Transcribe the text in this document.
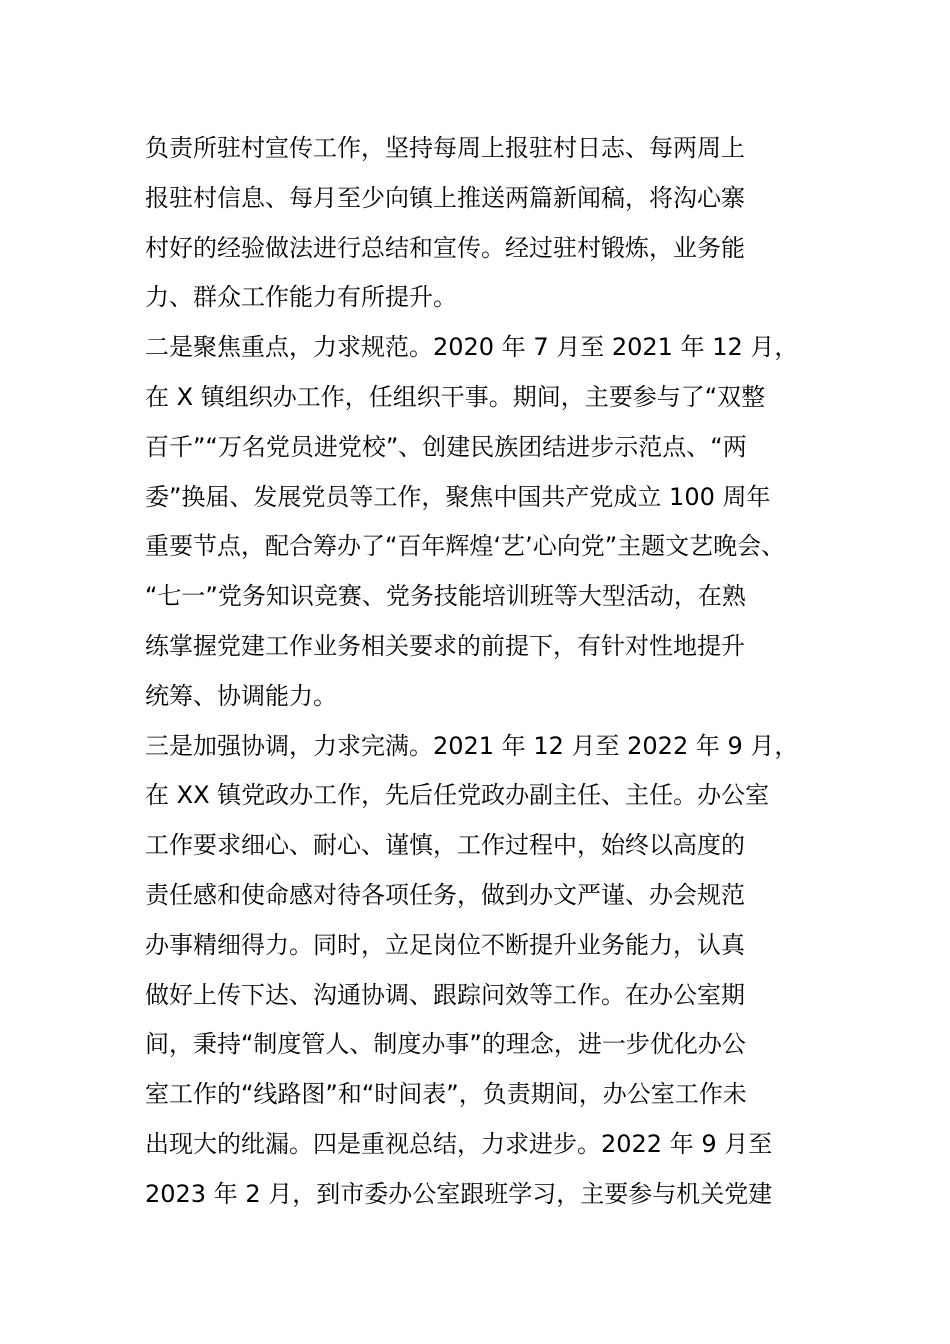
负责所驻村宣传工作，坚持每周上报驻村日志、每两周上
报驻村信息、每月至少向镇上推送两篇新闻稿，将沟心寨
村好的经验做法进行总结和宣传。经过驻村锻炼，业务能
力、群众工作能力有所提升。
二是聚焦重点，力求规范。2020 年 7 月至 2021 年 12 月，
在 X 镇组织办工作，任组织干事。期间，主要参与了“双整
百千”“万名党员进党校”、创建民族团结进步示范点、“两
委”换届、发展党员等工作，聚焦中国共产党成立 100 周年
重要节点，配合筹办了“百年辉煌‘艺’心向党”主题文艺晚会、
“七一”党务知识竞赛、党务技能培训班等大型活动，在熟
练掌握党建工作业务相关要求的前提下，有针对性地提升
统筹、协调能力。
三是加强协调，力求完满。2021 年 12 月至 2022 年 9 月，
在 XX 镇党政办工作，先后任党政办副主任、主任。办公室
工作要求细心、耐心、谨慎，工作过程中，始终以高度的
责任感和使命感对待各项任务，做到办文严谨、办会规范
办事精细得力。同时，立足岗位不断提升业务能力，认真
做好上传下达、沟通协调、跟踪问效等工作。在办公室期
间，秉持“制度管人、制度办事”的理念，进一步优化办公
室工作的“线路图”和“时间表”，负责期间，办公室工作未
出现大的纰漏。四是重视总结，力求进步。2022 年 9 月至
2023 年 2 月，到市委办公室跟班学习，主要参与机关党建
